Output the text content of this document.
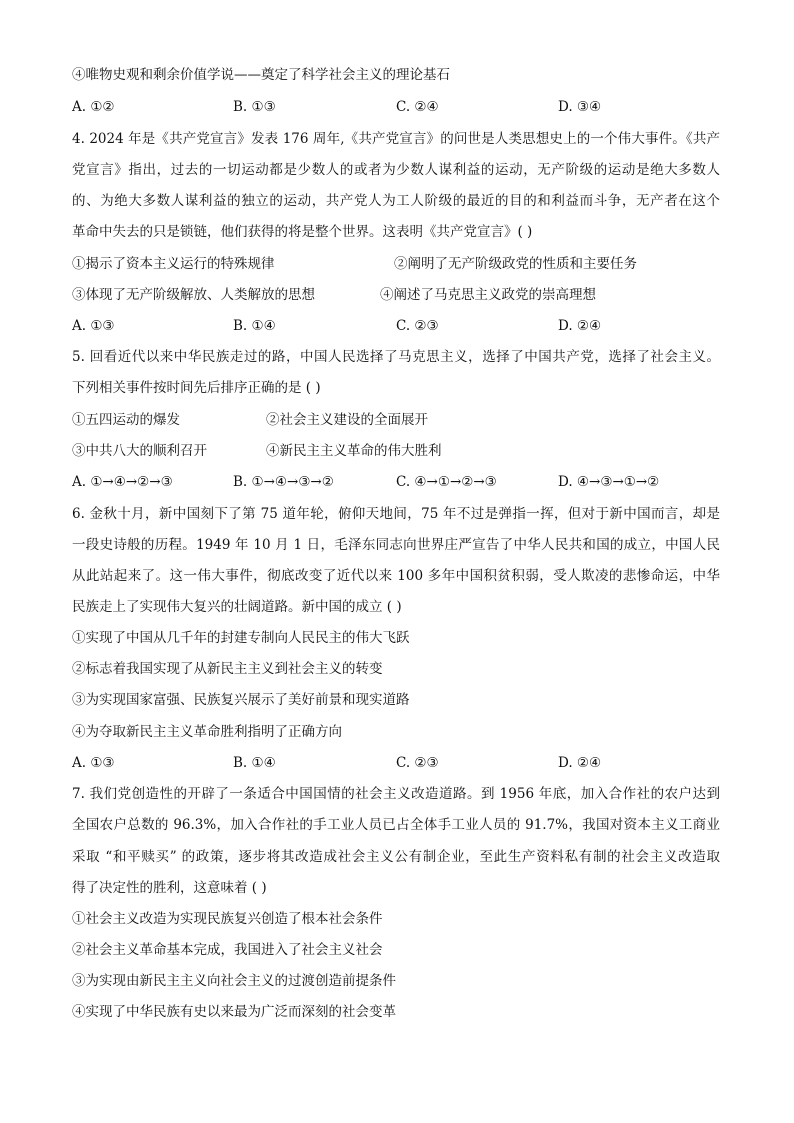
④唯物史观和剩余价值学说——奠定了科学社会主义的理论基石
A. ①②	B. ①③	C. ②④	D. ③④
4. 2024 年是《共产党宣言》发表 176 周年,《共产党宣言》的问世是人类思想史上的一个伟大事件。《共产
党宣言》指出，过去的一切运动都是少数人的或者为少数人谋利益的运动，无产阶级的运动是绝大多数人
的、为绝大多数人谋利益的独立的运动，共产党人为工人阶级的最近的目的和利益而斗争，无产者在这个
革命中失去的只是锁链，他们获得的将是整个世界。这表明《共产党宣言》( )
①揭示了资本主义运行的特殊规律	②阐明了无产阶级政党的性质和主要任务
③体现了无产阶级解放、人类解放的思想	④阐述了马克思主义政党的崇高理想
A. ①③	B. ①④	C. ②③	D. ②④
5. 回看近代以来中华民族走过的路，中国人民选择了马克思主义，选择了中国共产党，选择了社会主义。
下列相关事件按时间先后排序正确的是 ( )
①五四运动的爆发	②社会主义建设的全面展开
③中共八大的顺利召开	④新民主主义革命的伟大胜利
A. ①→④→②→③	B. ①→④→③→②	C. ④→①→②→③	D. ④→③→①→②
6. 金秋十月，新中国刻下了第 75 道年轮，俯仰天地间，75 年不过是弹指一挥，但对于新中国而言，却是
一段史诗般的历程。1949 年 10 月 1 日，毛泽东同志向世界庄严宣告了中华人民共和国的成立，中国人民
从此站起来了。这一伟大事件，彻底改变了近代以来 100 多年中国积贫积弱，受人欺凌的悲惨命运，中华
民族走上了实现伟大复兴的壮阔道路。新中国的成立 ( )
①实现了中国从几千年的封建专制向人民民主的伟大飞跃
②标志着我国实现了从新民主主义到社会主义的转变
③为实现国家富强、民族复兴展示了美好前景和现实道路
④为夺取新民主主义革命胜利指明了正确方向
A. ①③	B. ①④	C. ②③	D. ②④
7. 我们党创造性的开辟了一条适合中国国情的社会主义改造道路。到 1956 年底，加入合作社的农户达到
全国农户总数的 96.3%，加入合作社的手工业人员已占全体手工业人员的 91.7%，我国对资本主义工商业
采取 “和平赎买” 的政策，逐步将其改造成社会主义公有制企业，至此生产资料私有制的社会主义改造取
得了决定性的胜利，这意味着 ( )
①社会主义改造为实现民族复兴创造了根本社会条件
②社会主义革命基本完成，我国进入了社会主义社会
③为实现由新民主主义向社会主义的过渡创造前提条件
④实现了中华民族有史以来最为广泛而深刻的社会变革
